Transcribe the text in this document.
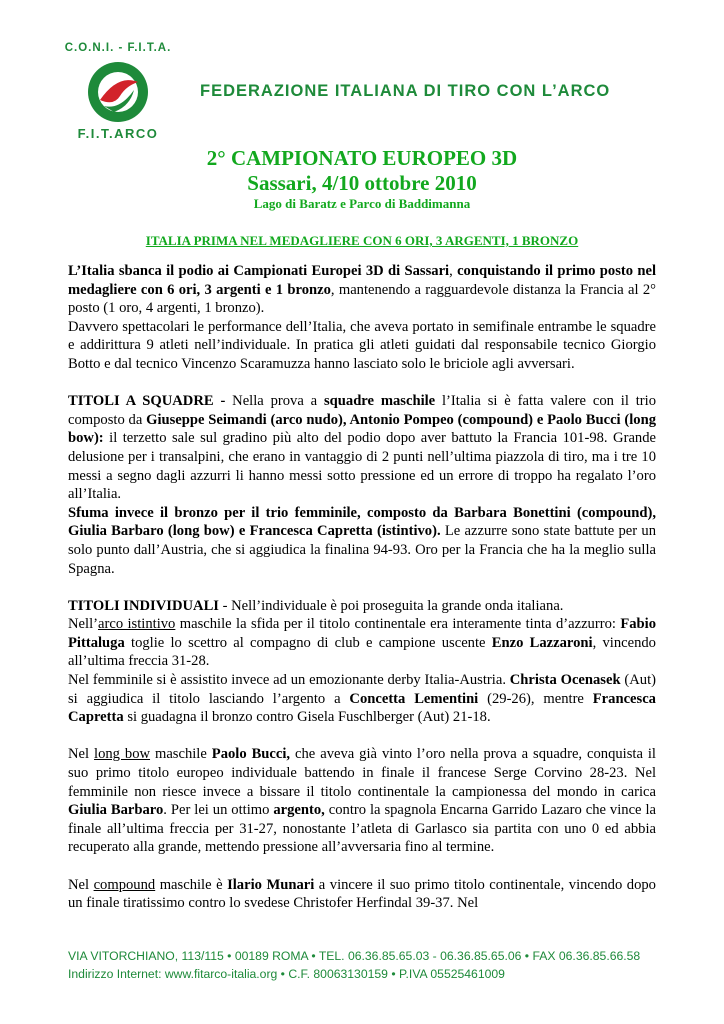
C.O.N.I. - F.I.T.A.
F.I.T.ARCO
FEDERAZIONE ITALIANA DI TIRO CON L’ARCO
2° CAMPIONATO EUROPEO 3D
Sassari, 4/10 ottobre 2010
Lago di Baratz e Parco di Baddimanna
ITALIA PRIMA NEL MEDAGLIERE CON 6 ORI, 3 ARGENTI, 1 BRONZO

L’Italia sbanca il podio ai Campionati Europei 3D di Sassari, conquistando il primo posto nel medagliere con 6 ori, 3 argenti e 1 bronzo, mantenendo a ragguardevole distanza la Francia al 2° posto (1 oro, 4 argenti, 1 bronzo).

Davvero spettacolari le performance dell’Italia, che aveva portato in semifinale entrambe le squadre e addirittura 9 atleti nell’individuale. In pratica gli atleti guidati dal responsabile tecnico Giorgio Botto e dal tecnico Vincenzo Scaramuzza hanno lasciato solo le briciole agli avversari.

TITOLI A SQUADRE - Nella prova a squadre maschile l’Italia si è fatta valere con il trio composto da Giuseppe Seimandi (arco nudo), Antonio Pompeo (compound) e Paolo Bucci (long bow): il terzetto sale sul gradino più alto del podio dopo aver battuto la Francia 101-98. Grande delusione per i transalpini, che erano in vantaggio di 2 punti nell’ultima piazzola di tiro, ma i tre 10 messi a segno dagli azzurri li hanno messi sotto pressione ed un errore di troppo ha regalato l’oro all’Italia.

Sfuma invece il bronzo per il trio femminile, composto da Barbara Bonettini (compound), Giulia Barbaro (long bow) e Francesca Capretta (istintivo). Le azzurre sono state battute per un solo punto dall’Austria, che si aggiudica la finalina 94-93. Oro per la Francia che ha la meglio sulla Spagna.

TITOLI INDIVIDUALI - Nell’individuale è poi proseguita la grande onda italiana.

Nell’arco istintivo maschile la sfida per il titolo continentale era interamente tinta d’azzurro: Fabio Pittaluga toglie lo scettro al compagno di club e campione uscente Enzo Lazzaroni, vincendo all’ultima freccia 31-28.

Nel femminile si è assistito invece ad un emozionante derby Italia-Austria. Christa Ocenasek (Aut) si aggiudica il titolo lasciando l’argento a Concetta Lementini (29-26), mentre Francesca Capretta si guadagna il bronzo contro Gisela Fuschlberger (Aut) 21-18.

Nel long bow maschile Paolo Bucci, che aveva già vinto l’oro nella prova a squadre, conquista il suo primo titolo europeo individuale battendo in finale il francese Serge Corvino 28-23. Nel femminile non riesce invece a bissare il titolo continentale la campionessa del mondo in carica Giulia Barbaro. Per lei un ottimo argento, contro la spagnola Encarna Garrido Lazaro che vince la finale all’ultima freccia per 31-27, nonostante l’atleta di Garlasco sia partita con uno 0 ed abbia recuperato alla grande, mettendo pressione all’avversaria fino al termine.

Nel compound maschile è Ilario Munari a vincere il suo primo titolo continentale, vincendo dopo un finale tiratissimo contro lo svedese Christofer Herfindal 39-37. Nel

VIA VITORCHIANO, 113/115 • 00189 ROMA • TEL. 06.36.85.65.03 - 06.36.85.65.06 • FAX 06.36.85.66.58
Indirizzo Internet: www.fitarco-italia.org • C.F. 80063130159 • P.IVA 05525461009
